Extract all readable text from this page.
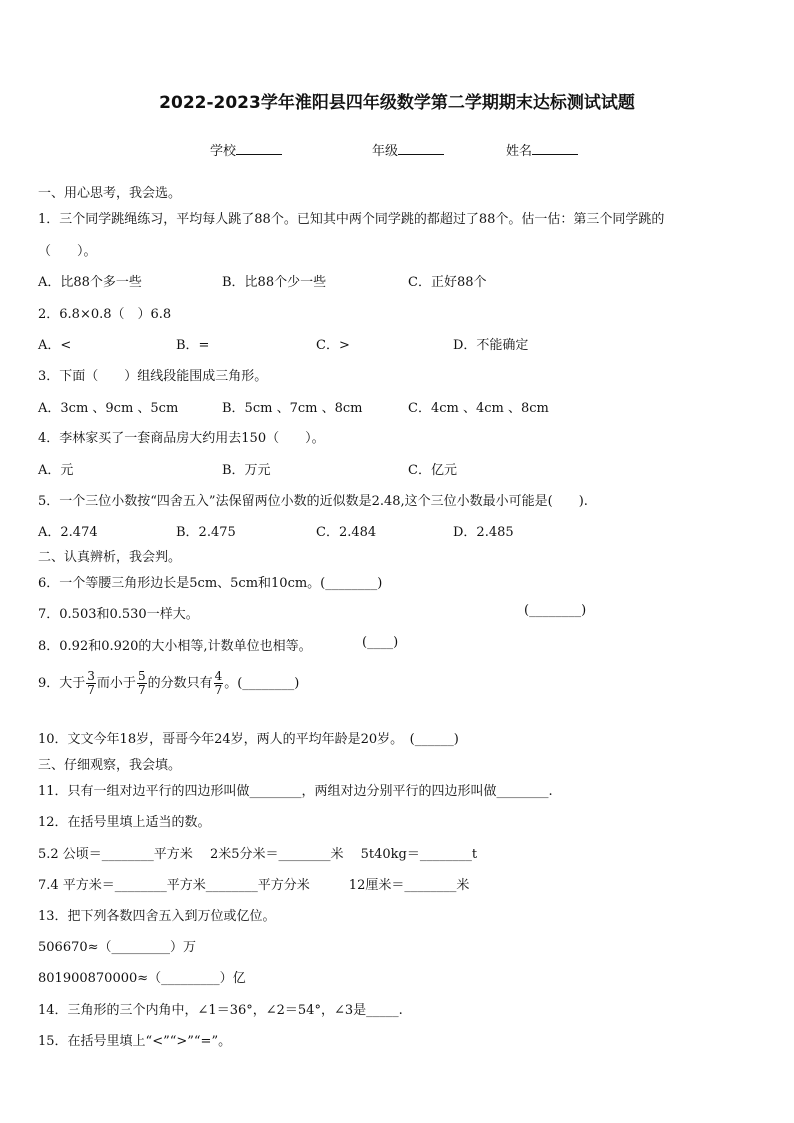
2022-2023学年淮阳县四年级数学第二学期期末达标测试试题
学校	年级	姓名
一、用心思考，我会选。
1．三个同学跳绳练习，平均每人跳了88个。已知其中两个同学跳的都超过了88个。估一估：第三个同学跳的
（　　）。
A．比88个多一些	B．比88个少一些	C．正好88个
2．6.8×0.8（　）6.8
A．<	B．=	C．>	D．不能确定
3．下面（　　）组线段能围成三角形。
A．3cm 、9cm 、5cm	B．5cm 、7cm 、8cm	C．4cm 、4cm 、8cm
4．李林家买了一套商品房大约用去150（　　）。
A．元	B．万元	C．亿元
5．一个三位小数按“四舍五入”法保留两位小数的近似数是2.48,这个三位小数最小可能是(　　).
A．2.474	B．2.475	C．2.484	D．2.485
二、认真辨析，我会判。
6．一个等腰三角形边长是5cm、5cm和10cm。(________)
7．0.503和0.530一样大。	(________)
8．0.92和0.920的大小相等,计数单位也相等。	(____)
9．大于 $\frac{3}{7}$ 而小于 $\frac{5}{7}$ 的分数只有 $\frac{4}{7}$ 。(________)
10．文文今年18岁，哥哥今年24岁，两人的平均年龄是20岁。　(______)
三、仔细观察，我会填。
11．只有一组对边平行的四边形叫做________，两组对边分别平行的四边形叫做________.
12．在括号里填上适当的数。
5.2 公顷＝________平方米　 2米5分米＝________米　 5t40kg＝________t
7.4 平方米＝________平方米________平方分米　　　12厘米＝________米
13．把下列各数四舍五入到万位或亿位。
506670≈（_________）万
801900870000≈（_________）亿
14．三角形的三个内角中，∠1＝36°，∠2＝54°，∠3是_____.
15．在括号里填上“<”“>”“=”。
